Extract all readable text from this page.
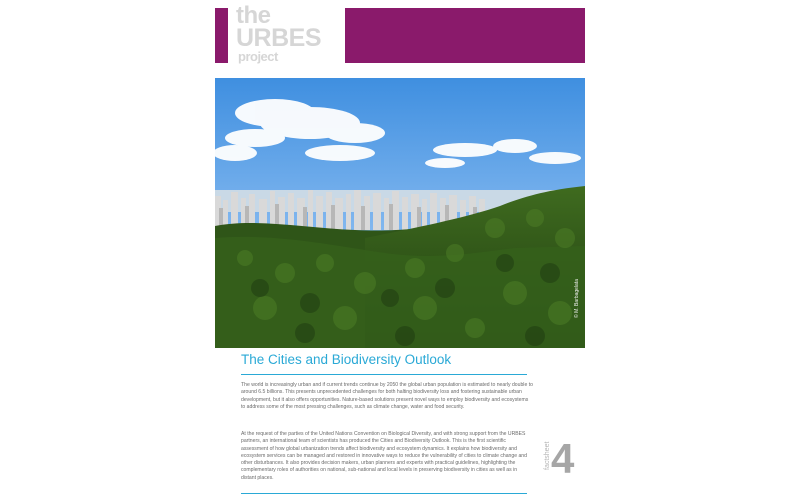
the
URBES
project
© M. Barbagelata
The Cities and Biodiversity Outlook
The world is increasingly urban and if current trends continue by 2050 the global urban population is estimated to nearly double to around 6.5 billions. This presents unprecedented challenges for both halting biodiversity loss and fostering sustainable urban development, but it also offers opportunities. Nature-based solutions present novel ways to employ biodiversity and ecosystems to address some of the most pressing challenges, such as climate change, water and food security.
At the request of the parties of the United Nations Convention on Biological Diversity, and with strong support from the URBES partners, an international team of scientists has produced the Cities and Biodiversity Outlook. This is the first scientific assessment of how global urbanization trends affect biodiversity and ecosystem dynamics. It explains how biodiversity and ecosystem services can be managed and restored in innovative ways to reduce the vulnerability of cities to climate change and other disturbances. It also provides decision makers, urban planners and experts with practical guidelines, highlighting the complementary roles of authorities on national, sub-national and local levels in preserving biodiversity in cities as well as in distant places.
factsheet 4
